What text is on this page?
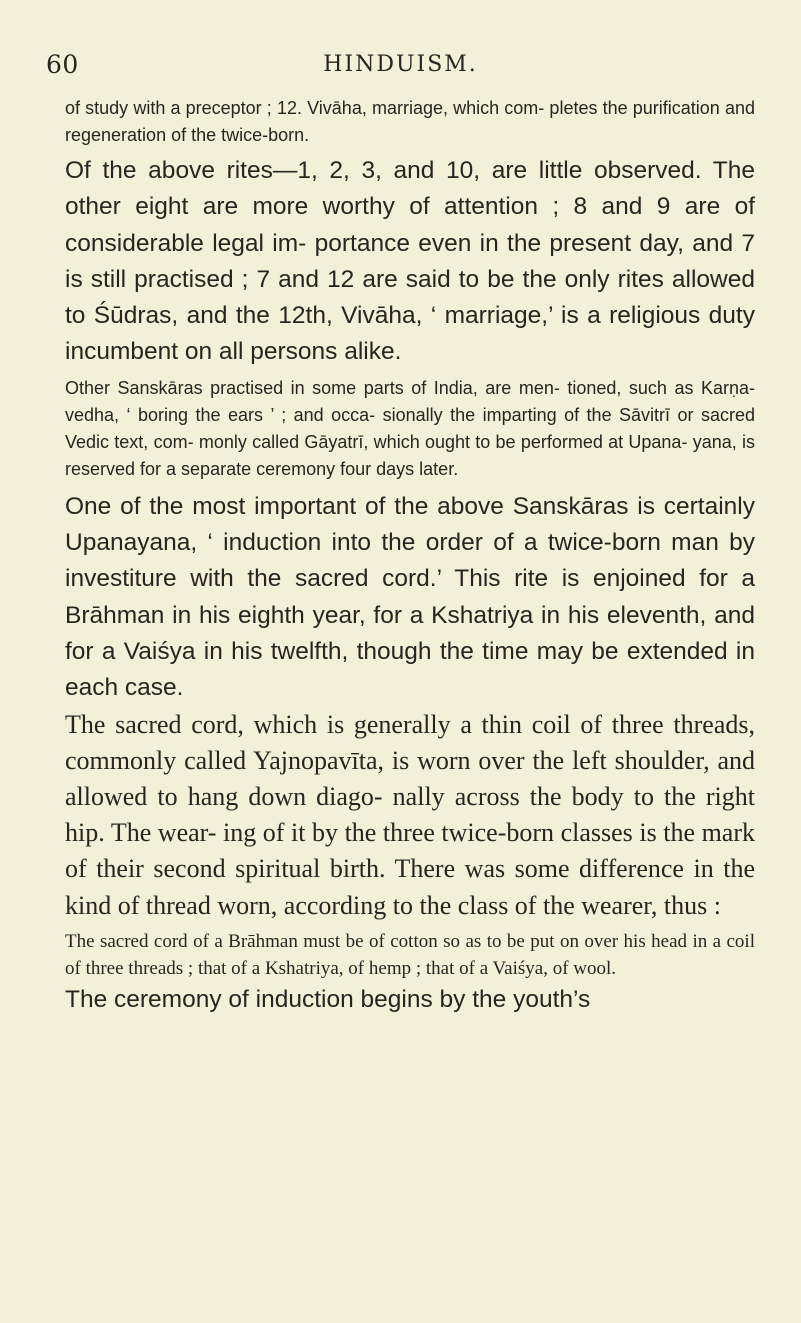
60	HINDUISM.

of study with a preceptor ; 12. Vivāha, marriage, which com- pletes the purification and regeneration of the twice-born.

Of the above rites—1, 2, 3, and 10, are little observed. The other eight are more worthy of attention ; 8 and 9 are of considerable legal im- portance even in the present day, and 7 is still practised ; 7 and 12 are said to be the only rites allowed to Śūdras, and the 12th, Vivāha, ‘ marriage,’ is a religious duty incumbent on all persons alike.

Other Sanskāras practised in some parts of India, are men- tioned, such as Karṇa-vedha, ‘ boring the ears ’ ; and occa- sionally the imparting of the Sāvitrī or sacred Vedic text, com- monly called Gāyatrī, which ought to be performed at Upana- yana, is reserved for a separate ceremony four days later.

One of the most important of the above Sanskāras is certainly Upanayana, ‘ induction into the order of a twice-born man by investiture with the sacred cord.’ This rite is enjoined for a Brāhman in his eighth year, for a Kshatriya in his eleventh, and for a Vaiśya in his twelfth, though the time may be extended in each case.

The sacred cord, which is generally a thin coil of three threads, commonly called Yajnopavīta, is worn over the left shoulder, and allowed to hang down diago- nally across the body to the right hip. The wear- ing of it by the three twice-born classes is the mark of their second spiritual birth. There was some difference in the kind of thread worn, according to the class of the wearer, thus :

The sacred cord of a Brāhman must be of cotton so as to be put on over his head in a coil of three threads ; that of a Kshatriya, of hemp ; that of a Vaiśya, of wool.

The ceremony of induction begins by the youth’s
